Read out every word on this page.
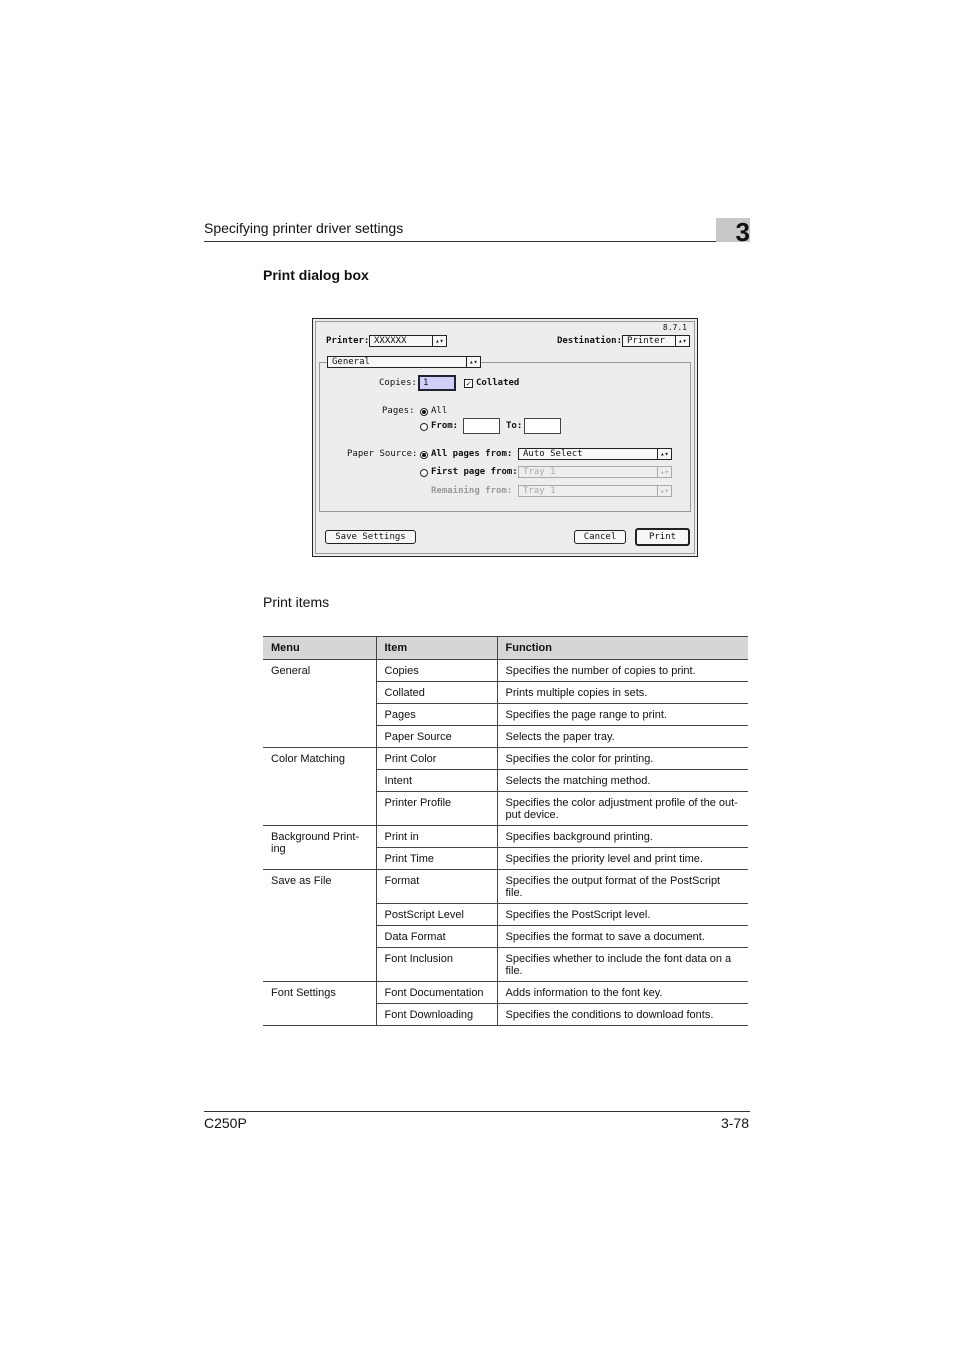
Specifying printer driver settings	3
Print dialog box
8.7.1
Printer: XXXXXX	▴▾	Destination: Printer	▴▾
General	▴▾
Copies: 1	✓ Collated
Pages: All
From:	To:
Paper Source: All pages from:	Auto Select	▴▾
First page from: Tray 1	▴▾
Remaining from:	Tray 1	▴▾
Save Settings	Cancel	Print
Print items
Menu	Item	Function
General	Copies	Specifies the number of copies to print.
	Collated	Prints multiple copies in sets.
	Pages	Specifies the page range to print.
	Paper Source	Selects the paper tray.
Color Matching	Print Color	Specifies the color for printing.
	Intent	Selects the matching method.
	Printer Profile	Specifies the color adjustment profile of the out-
put device.
Background Print-
ing	Print in	Specifies background printing.
	Print Time	Specifies the priority level and print time.
Save as File	Format	Specifies the output format of the PostScript
file.
	PostScript Level	Specifies the PostScript level.
	Data Format	Specifies the format to save a document.
	Font Inclusion	Specifies whether to include the font data on a
file.
Font Settings	Font Documentation	Adds information to the font key.
	Font Downloading	Specifies the conditions to download fonts.
C250P	3-78
